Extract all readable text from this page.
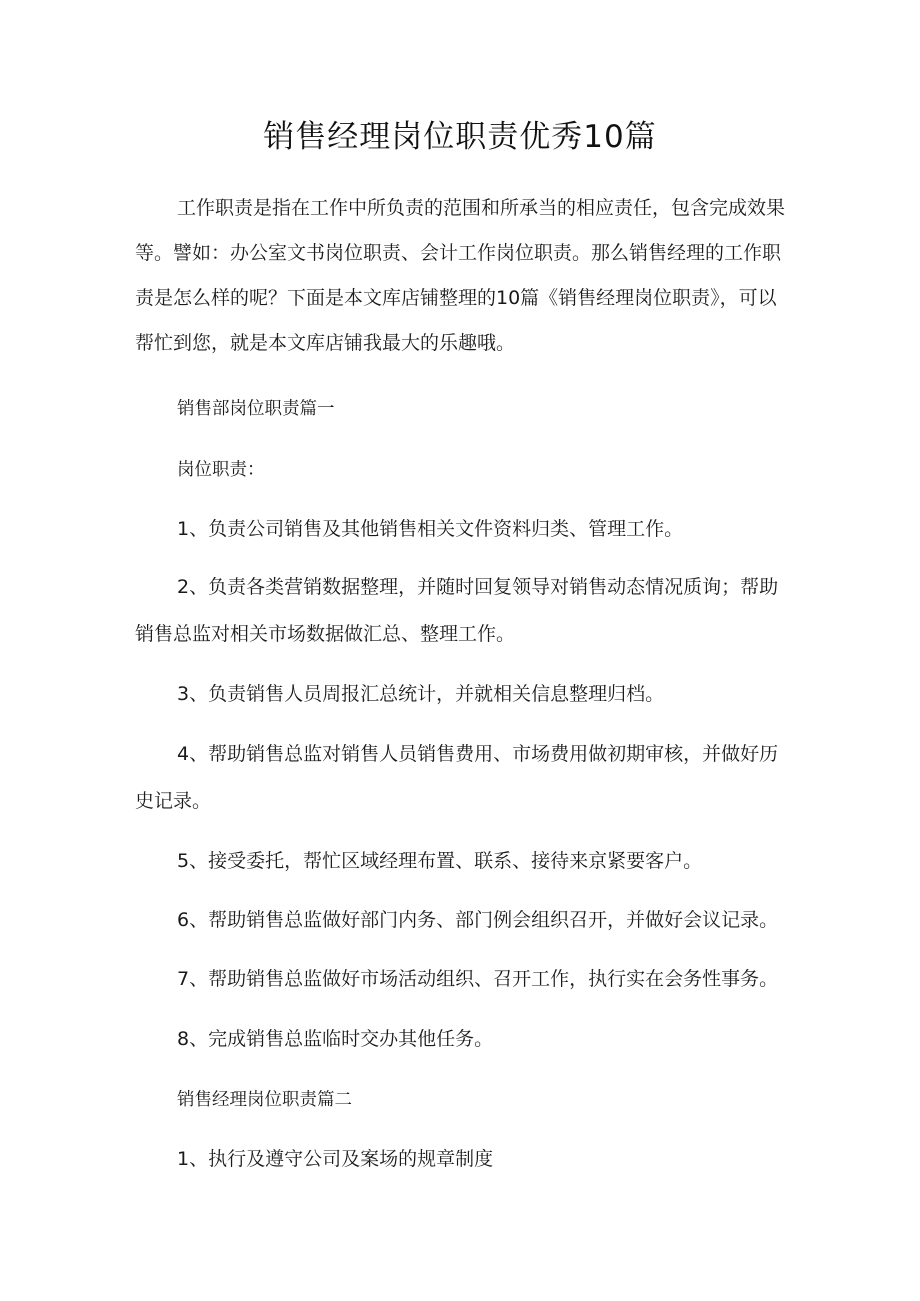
销售经理岗位职责优秀10篇

工作职责是指在工作中所负责的范围和所承当的相应责任，包含完成效果等。譬如：办公室文书岗位职责、会计工作岗位职责。那么销售经理的工作职责是怎么样的呢？下面是本文库店铺整理的10篇《销售经理岗位职责》，可以帮忙到您，就是本文库店铺我最大的乐趣哦。

销售部岗位职责篇一

岗位职责：

1、负责公司销售及其他销售相关文件资料归类、管理工作。

2、负责各类营销数据整理，并随时回复领导对销售动态情况质询；帮助销售总监对相关市场数据做汇总、整理工作。

3、负责销售人员周报汇总统计，并就相关信息整理归档。

4、帮助销售总监对销售人员销售费用、市场费用做初期审核，并做好历史记录。

5、接受委托，帮忙区域经理布置、联系、接待来京紧要客户。

6、帮助销售总监做好部门内务、部门例会组织召开，并做好会议记录。

7、帮助销售总监做好市场活动组织、召开工作，执行实在会务性事务。

8、完成销售总监临时交办其他任务。

销售经理岗位职责篇二

1、执行及遵守公司及案场的规章制度
